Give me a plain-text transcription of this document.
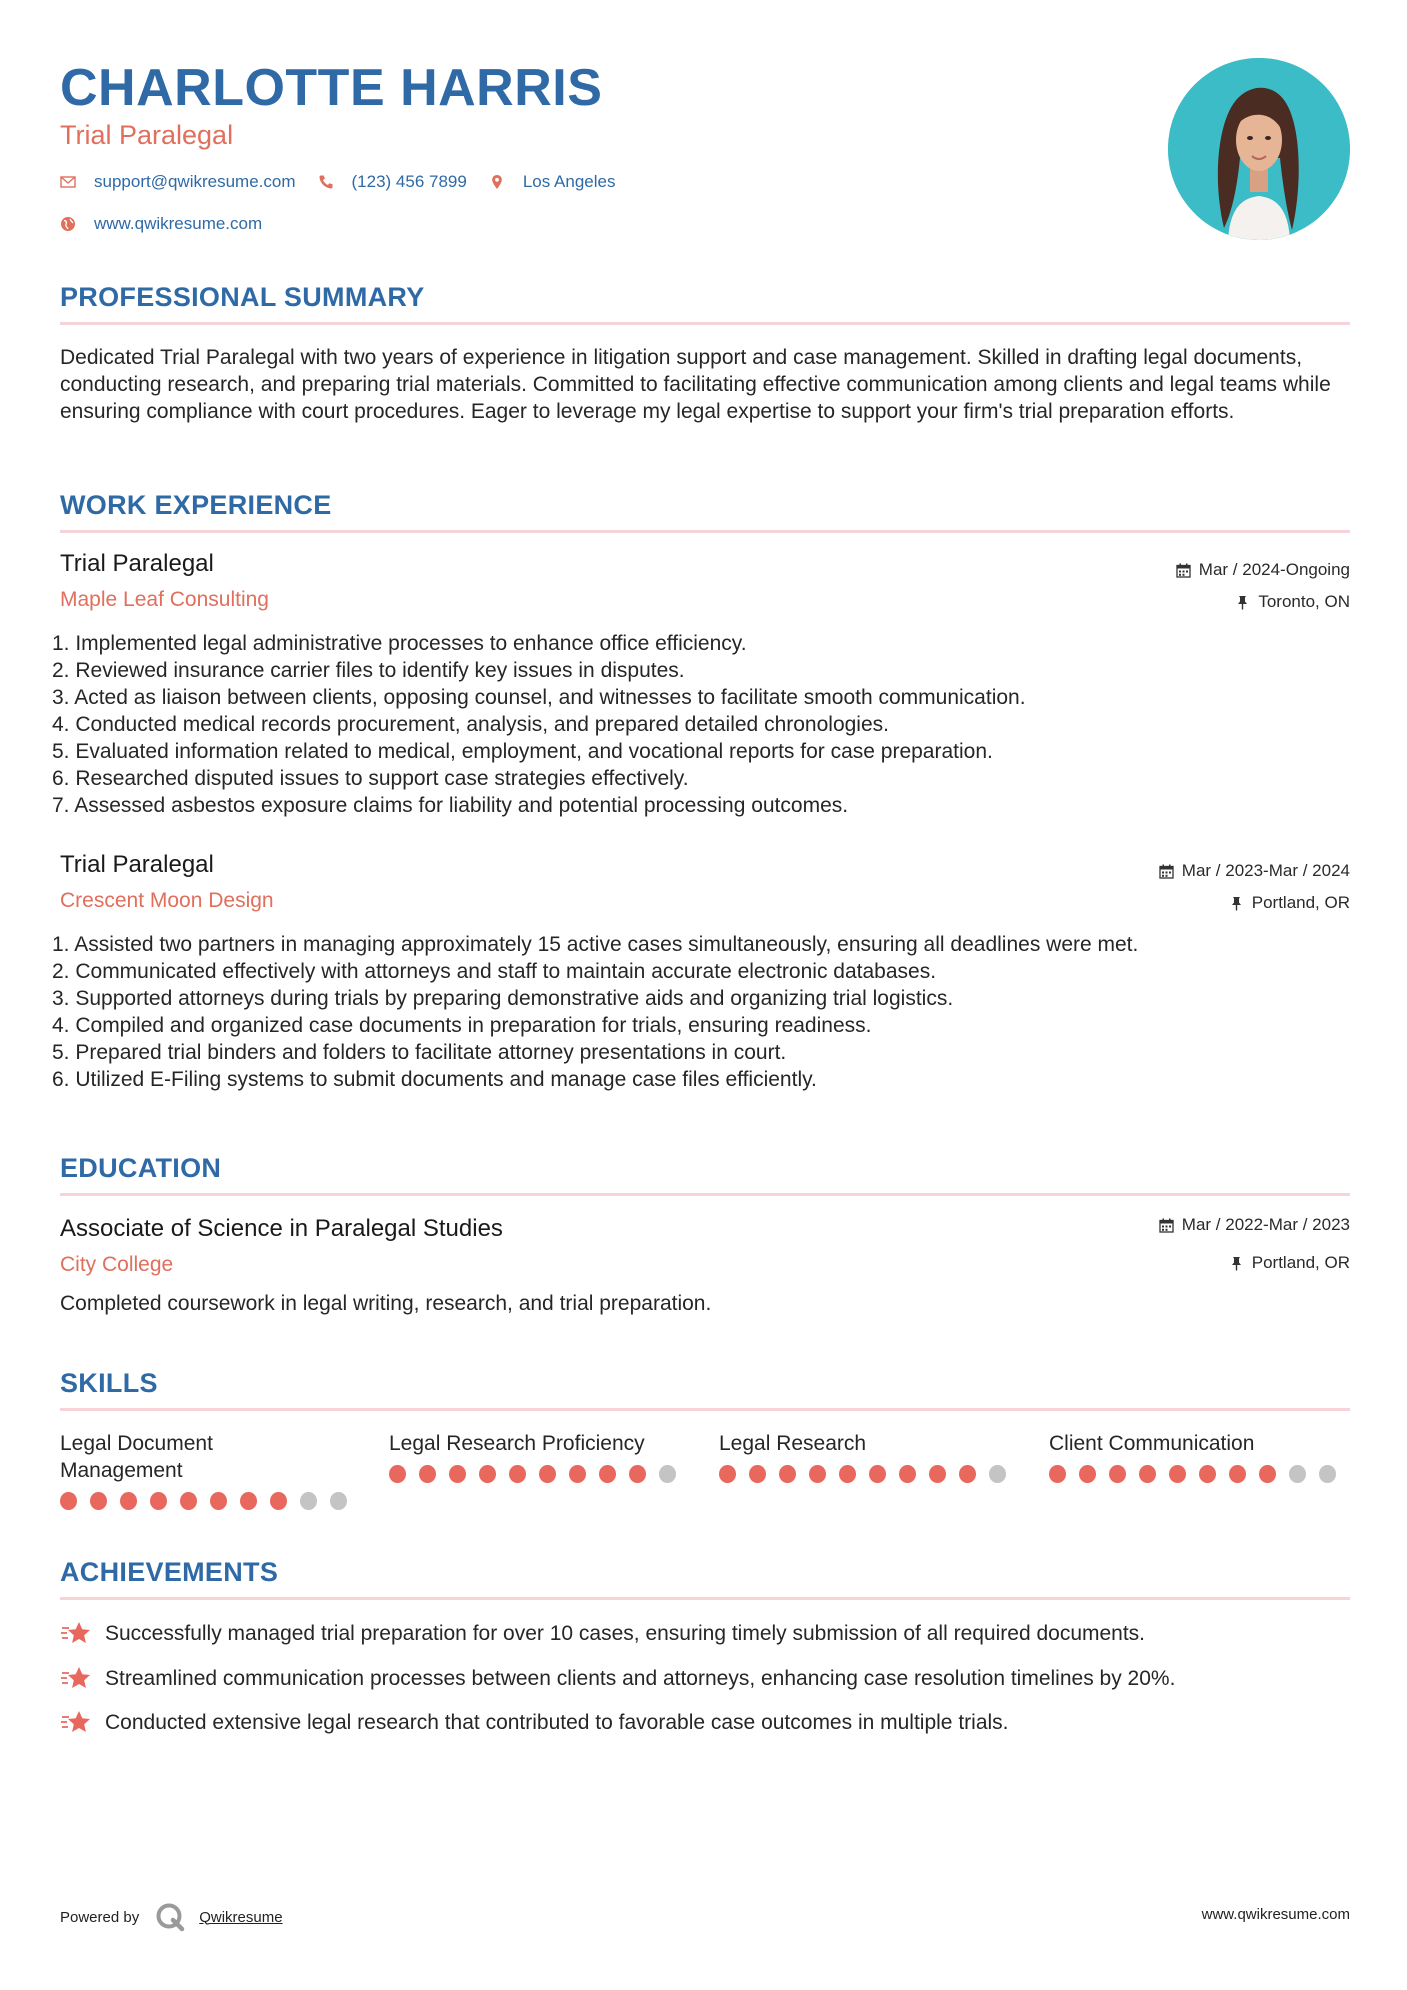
CHARLOTTE HARRIS
Trial Paralegal
support@qwikresume.com	(123) 456 7899	Los Angeles
www.qwikresume.com
PROFESSIONAL SUMMARY
Dedicated Trial Paralegal with two years of experience in litigation support and case management. Skilled in drafting legal documents, conducting research, and preparing trial materials. Committed to facilitating effective communication among clients and legal teams while ensuring compliance with court procedures. Eager to leverage my legal expertise to support your firm's trial preparation efforts.
WORK EXPERIENCE
Trial Paralegal
Maple Leaf Consulting
Mar / 2024-Ongoing
Toronto, ON
1. Implemented legal administrative processes to enhance office efficiency.
2. Reviewed insurance carrier files to identify key issues in disputes.
3. Acted as liaison between clients, opposing counsel, and witnesses to facilitate smooth communication.
4. Conducted medical records procurement, analysis, and prepared detailed chronologies.
5. Evaluated information related to medical, employment, and vocational reports for case preparation.
6. Researched disputed issues to support case strategies effectively.
7. Assessed asbestos exposure claims for liability and potential processing outcomes.
Trial Paralegal
Crescent Moon Design
Mar / 2023-Mar / 2024
Portland, OR
1. Assisted two partners in managing approximately 15 active cases simultaneously, ensuring all deadlines were met.
2. Communicated effectively with attorneys and staff to maintain accurate electronic databases.
3. Supported attorneys during trials by preparing demonstrative aids and organizing trial logistics.
4. Compiled and organized case documents in preparation for trials, ensuring readiness.
5. Prepared trial binders and folders to facilitate attorney presentations in court.
6. Utilized E-Filing systems to submit documents and manage case files efficiently.
EDUCATION
Associate of Science in Paralegal Studies
City College
Mar / 2022-Mar / 2023
Portland, OR
Completed coursework in legal writing, research, and trial preparation.
SKILLS
Legal Document Management
Legal Research Proficiency	Legal Research	Client Communication
ACHIEVEMENTS
Successfully managed trial preparation for over 10 cases, ensuring timely submission of all required documents.
Streamlined communication processes between clients and attorneys, enhancing case resolution timelines by 20%.
Conducted extensive legal research that contributed to favorable case outcomes in multiple trials.
Powered by	Qwikresume	www.qwikresume.com
